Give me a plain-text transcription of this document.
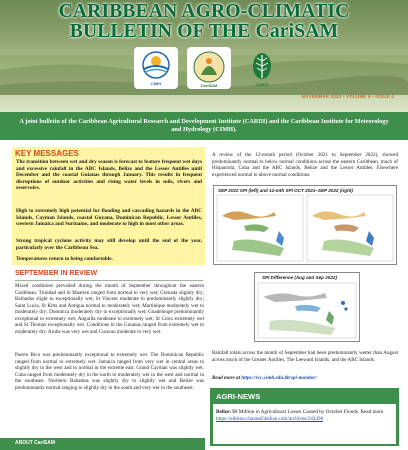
CARIBBEAN AGRO-CLIMATIC
BULLETIN OF THE CariSAM
CIMH	CariSAM	CARDI
NOVEMBER 2022 • VOLUME 6 • ISSUE 4
A joint bulletin of the Caribbean Agricultural Research and Development Institute (CARDI) and the Caribbean Institute for Meteorology and Hydrology (CIMH).
KEY MESSAGES
The transition between wet and dry season is forecast to feature frequent wet days and excessive rainfall in the ABC Islands, Belize and the Lesser Antilles until December and the coastal Guianas through January. This results in frequent disruptions of outdoor activities and rising water levels in soils, rivers and reservoirs.
High to extremely high potential for flooding and cascading hazards in the ABC Islands, Cayman Islands, coastal Guyana, Dominican Republic, Lesser Antilles, western Jamaica and Suriname, and moderate to high in most other areas.
Strong tropical cyclone activity may still develop until the end of the year, particularly over the Caribbean Sea.
Temperatures return to being comfortable.
SEPTEMBER IN REVIEW
Mixed conditions prevailed during the month of September throughout the eastern Caribbean. Trinidad and St Maarten ranged from normal to very wet; Grenada slightly dry; Barbados slight to exceptionally wet; St Vincent moderate to predominantly slightly dry; Saint Lucia, St Kitts and Antigua normal to moderately wet; Martinique moderately wet to moderately dry; Dominica moderately dry to exceptionally wet; Guadeloupe predominantly exceptional to extremely wet; Anguilla moderate to extremely wet; St Croix extremely wet and St Thomas exceptionally wet. Conditions in the Guianas ranged from extremely wet to moderately dry. Aruba was very wet and Curacao moderate to very wet.
Puerto Rico was predominantly exceptional to extremely wet. The Dominican Republic ranged from normal to extremely wet. Jamaica ranged from very wet in central areas to slightly dry in the west and to normal in the extreme east. Grand Cayman was slightly wet. Cuba ranged from moderately dry in the north to moderately wet in the west and normal in the southeast. Northern Bahamas was slightly dry to slightly wet and Belize was predominantly normal ranging to slightly dry in the south and very wet in the southeast.
A review of the 12-month period (October 2021 to September 2022), showed predominantly normal to below normal conditions across the eastern Caribbean, much of Hispaniola, Cuba and the ABC Islands, Belize and the Lesser Antilles. Elsewhere experienced normal to above normal conditions.
SEP 2022 SPI (left) and 12-mth SPI OCT 2021–SEP 2022 (right)
SPI Difference (Aug and Sep 2022)
Rainfall totals across the month of September had been predominantly wetter than August across much of the Greater Antilles, The Leeward Islands, and the ABC Islands.
Read more at https://rcc.cimh.edu.bb/spi-monitor/
AGRI-NEWS
Belize: $8 Million in Agricultural Losses Caused by October Floods. Read more https://edition.channel5belize.com/archives/243496
ABOUT CariSAM
